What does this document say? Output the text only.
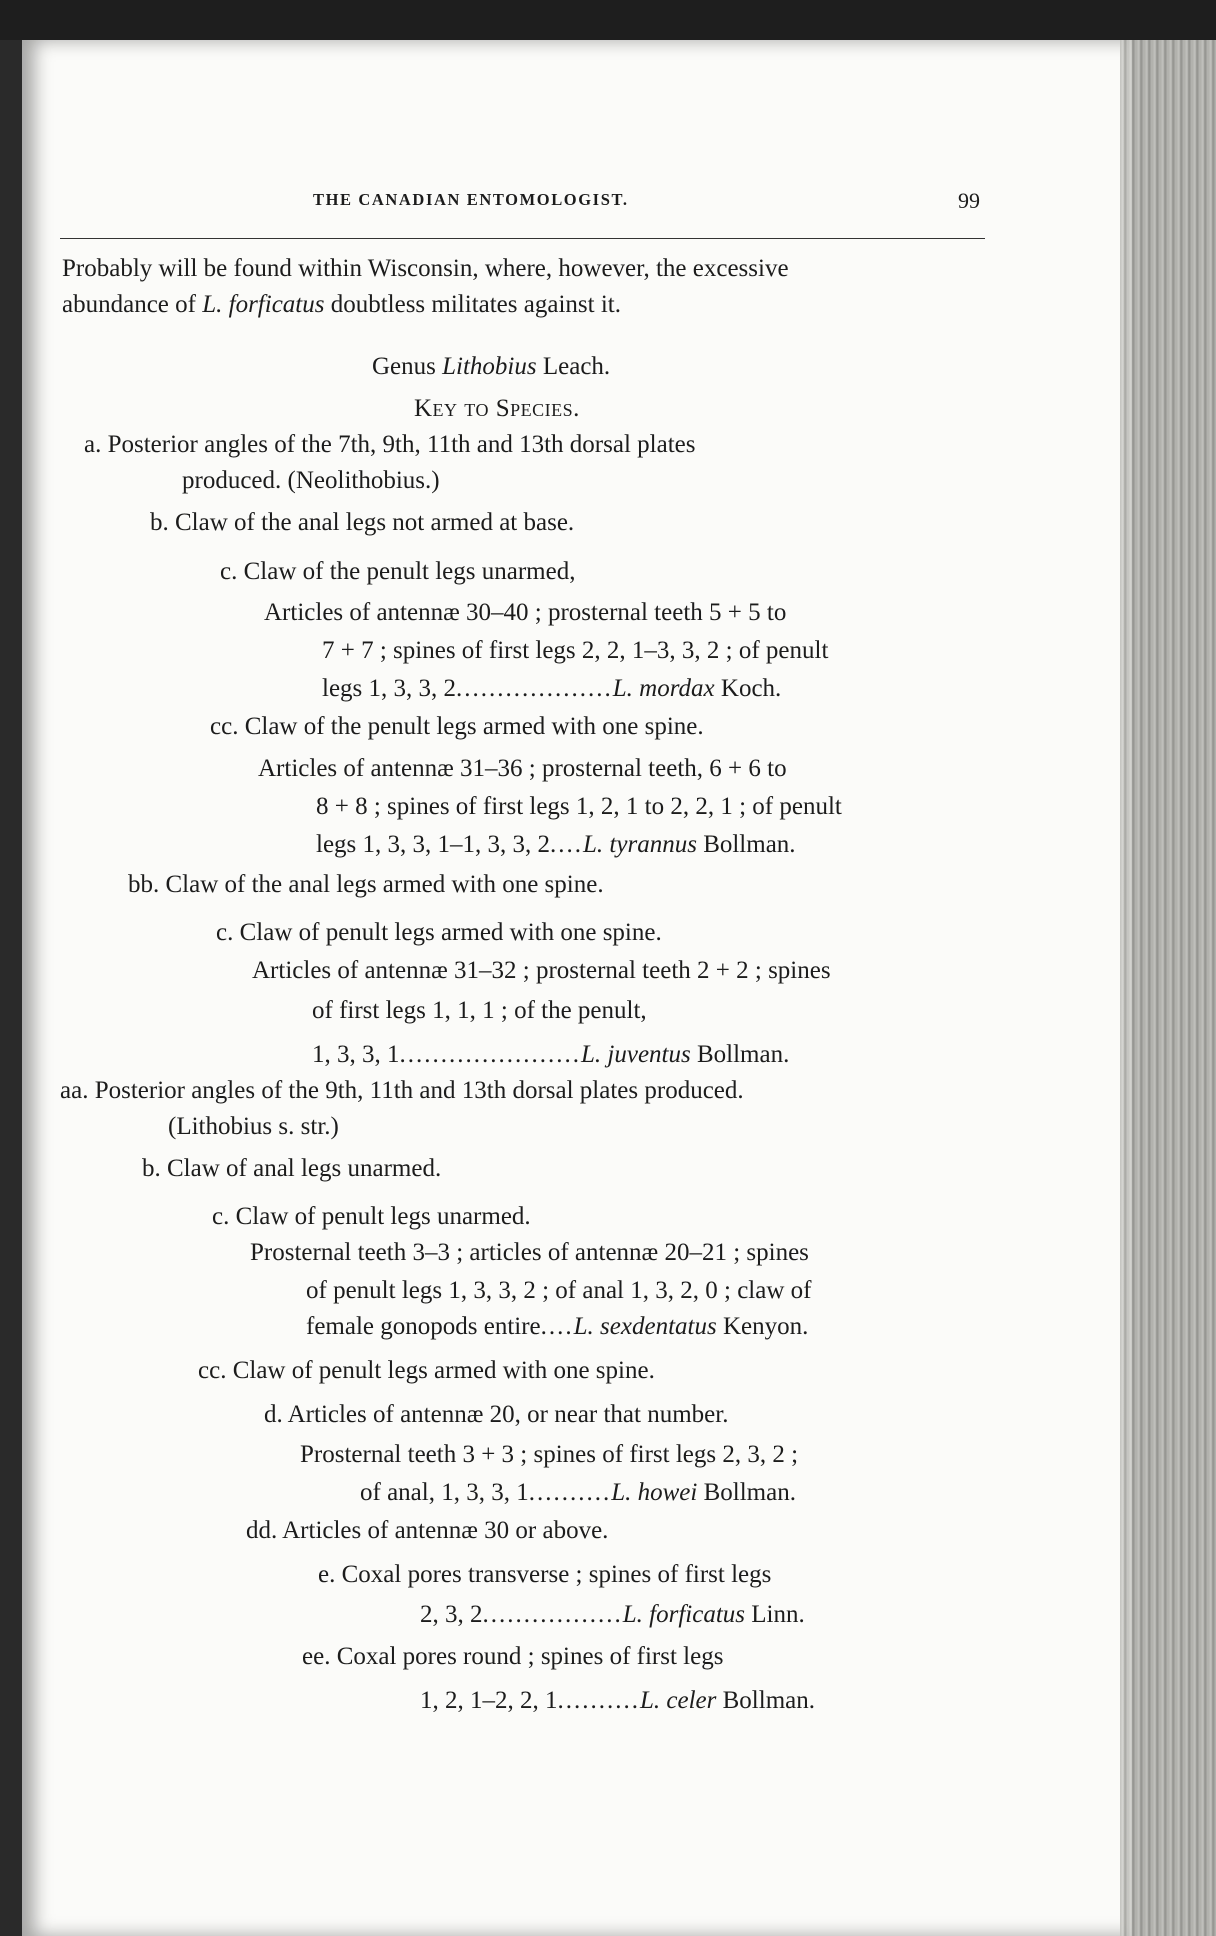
THE CANADIAN ENTOMOLOGIST.	99
Probably will be found within Wisconsin, where, however, the excessive
abundance of L. forficatus doubtless militates against it.
Genus Lithobius Leach.
Key to Species.
a. Posterior angles of the 7th, 9th, 11th and 13th dorsal plates
produced. (Neolithobius.)
b. Claw of the anal legs not armed at base.
c. Claw of the penult legs unarmed,
Articles of antennæ 30–40 ; prosternal teeth 5 + 5 to
7 + 7 ; spines of first legs 2, 2, 1–3, 3, 2 ; of penult
legs 1, 3, 3, 2...................L. mordax Koch.
cc. Claw of the penult legs armed with one spine.
Articles of antennæ 31–36 ; prosternal teeth, 6 + 6 to
8 + 8 ; spines of first legs 1, 2, 1 to 2, 2, 1 ; of penult
legs 1, 3, 3, 1–1, 3, 3, 2....L. tyrannus Bollman.
bb. Claw of the anal legs armed with one spine.
c. Claw of penult legs armed with one spine.
Articles of antennæ 31–32 ; prosternal teeth 2 + 2 ; spines
of first legs 1, 1, 1 ; of the penult,
1, 3, 3, 1......................L. juventus Bollman.
aa. Posterior angles of the 9th, 11th and 13th dorsal plates produced.
(Lithobius s. str.)
b. Claw of anal legs unarmed.
c. Claw of penult legs unarmed.
Prosternal teeth 3–3 ; articles of antennæ 20–21 ; spines
of penult legs 1, 3, 3, 2 ; of anal 1, 3, 2, 0 ; claw of
female gonopods entire....L. sexdentatus Kenyon.
cc. Claw of penult legs armed with one spine.
d. Articles of antennæ 20, or near that number.
Prosternal teeth 3 + 3 ; spines of first legs 2, 3, 2 ;
of anal, 1, 3, 3, 1..........L. howei Bollman.
dd. Articles of antennæ 30 or above.
e. Coxal pores transverse ; spines of first legs
2, 3, 2.................L. forficatus Linn.
ee. Coxal pores round ; spines of first legs
1, 2, 1–2, 2, 1..........L. celer Bollman.
